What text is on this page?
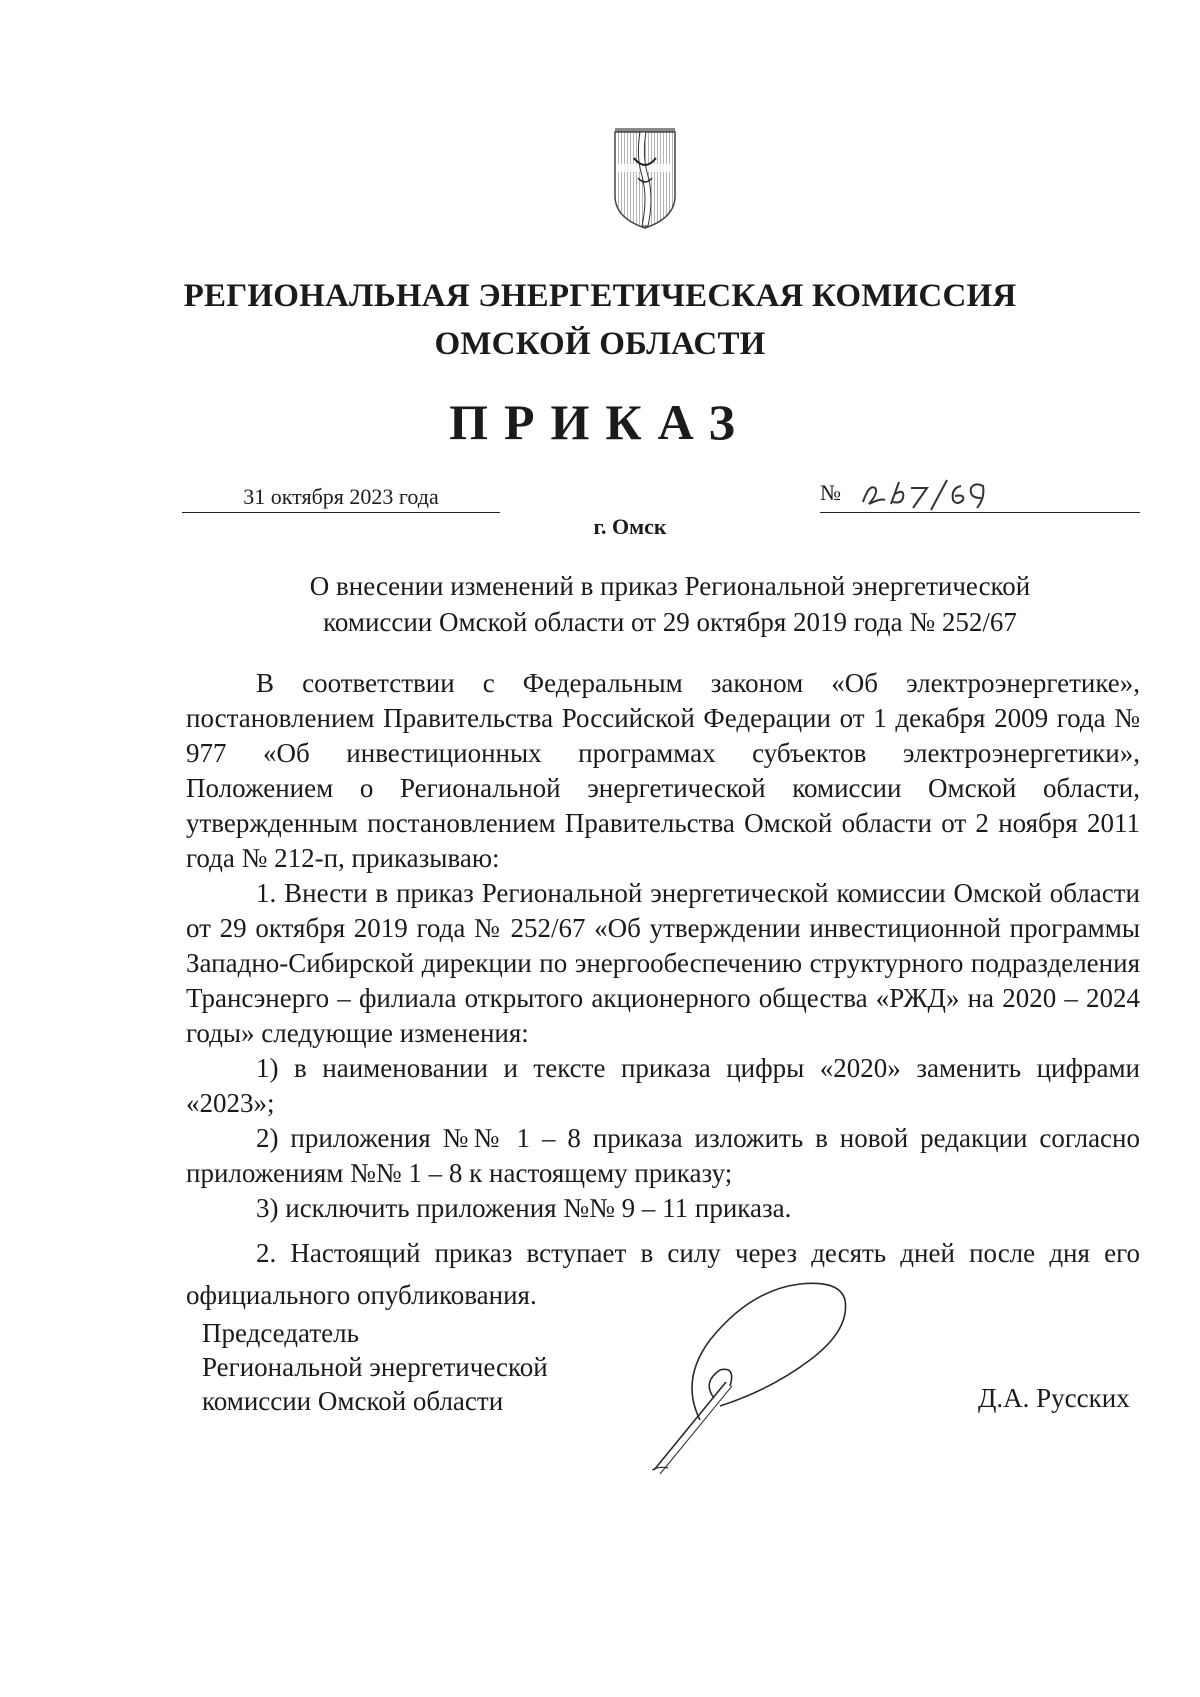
РЕГИОНАЛЬНАЯ ЭНЕРГЕТИЧЕСКАЯ КОМИССИЯ
ОМСКОЙ ОБЛАСТИ
ПРИКАЗ
31 октября 2023 года	№
г. Омск
О внесении изменений в приказ Региональной энергетической
комиссии Омской области от 29 октября 2019 года № 252/67

В соответствии с Федеральным законом «Об электроэнергетике», постановлением Правительства Российской Федерации от 1 декабря 2009 года № 977 «Об инвестиционных программах субъектов электроэнергетики», Положением о Региональной энергетической комиссии Омской области, утвержденным постановлением Правительства Омской области от 2 ноября 2011 года № 212-п, приказываю:

1. Внести в приказ Региональной энергетической комиссии Омской области от 29 октября 2019 года № 252/67 «Об утверждении инвестиционной программы Западно-Сибирской дирекции по энергообеспечению структурного подразделения Трансэнерго – филиала открытого акционерного общества «РЖД» на 2020 – 2024 годы» следующие изменения:

1) в наименовании и тексте приказа цифры «2020» заменить цифрами «2023»;

2) приложения №№ 1 – 8 приказа изложить в новой редакции согласно приложениям №№ 1 – 8 к настоящему приказу;

3) исключить приложения №№ 9 – 11 приказа.

2. Настоящий приказ вступает в силу через десять дней после дня его официального опубликования.

Председатель
Региональной энергетической
комиссии Омской области	Д.А. Русских
